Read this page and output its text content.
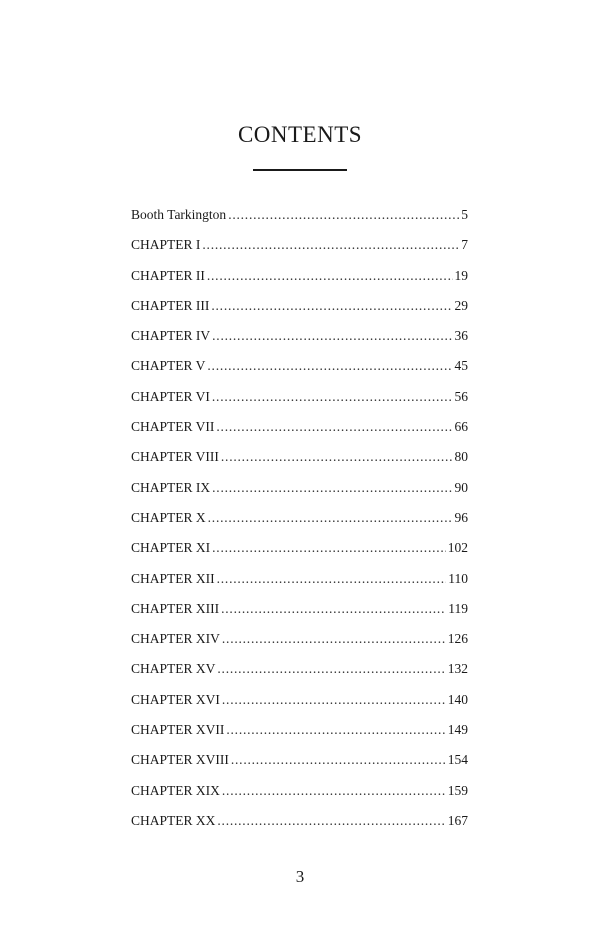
CONTENTS
Booth Tarkington . . .	5
CHAPTER I . . .	7
CHAPTER II . . .	19
CHAPTER III . . .	29
CHAPTER IV . . .	36
CHAPTER V . . .	45
CHAPTER VI . . .	56
CHAPTER VII . . .	66
CHAPTER VIII . . .	80
CHAPTER IX . . .	90
CHAPTER X . . .	96
CHAPTER XI . . .	102
CHAPTER XII . . .	110
CHAPTER XIII . . .	119
CHAPTER XIV . . .	126
CHAPTER XV . . .	132
CHAPTER XVI . . .	140
CHAPTER XVII . . .	149
CHAPTER XVIII . . .	154
CHAPTER XIX . . .	159
CHAPTER XX . . .	167
3
